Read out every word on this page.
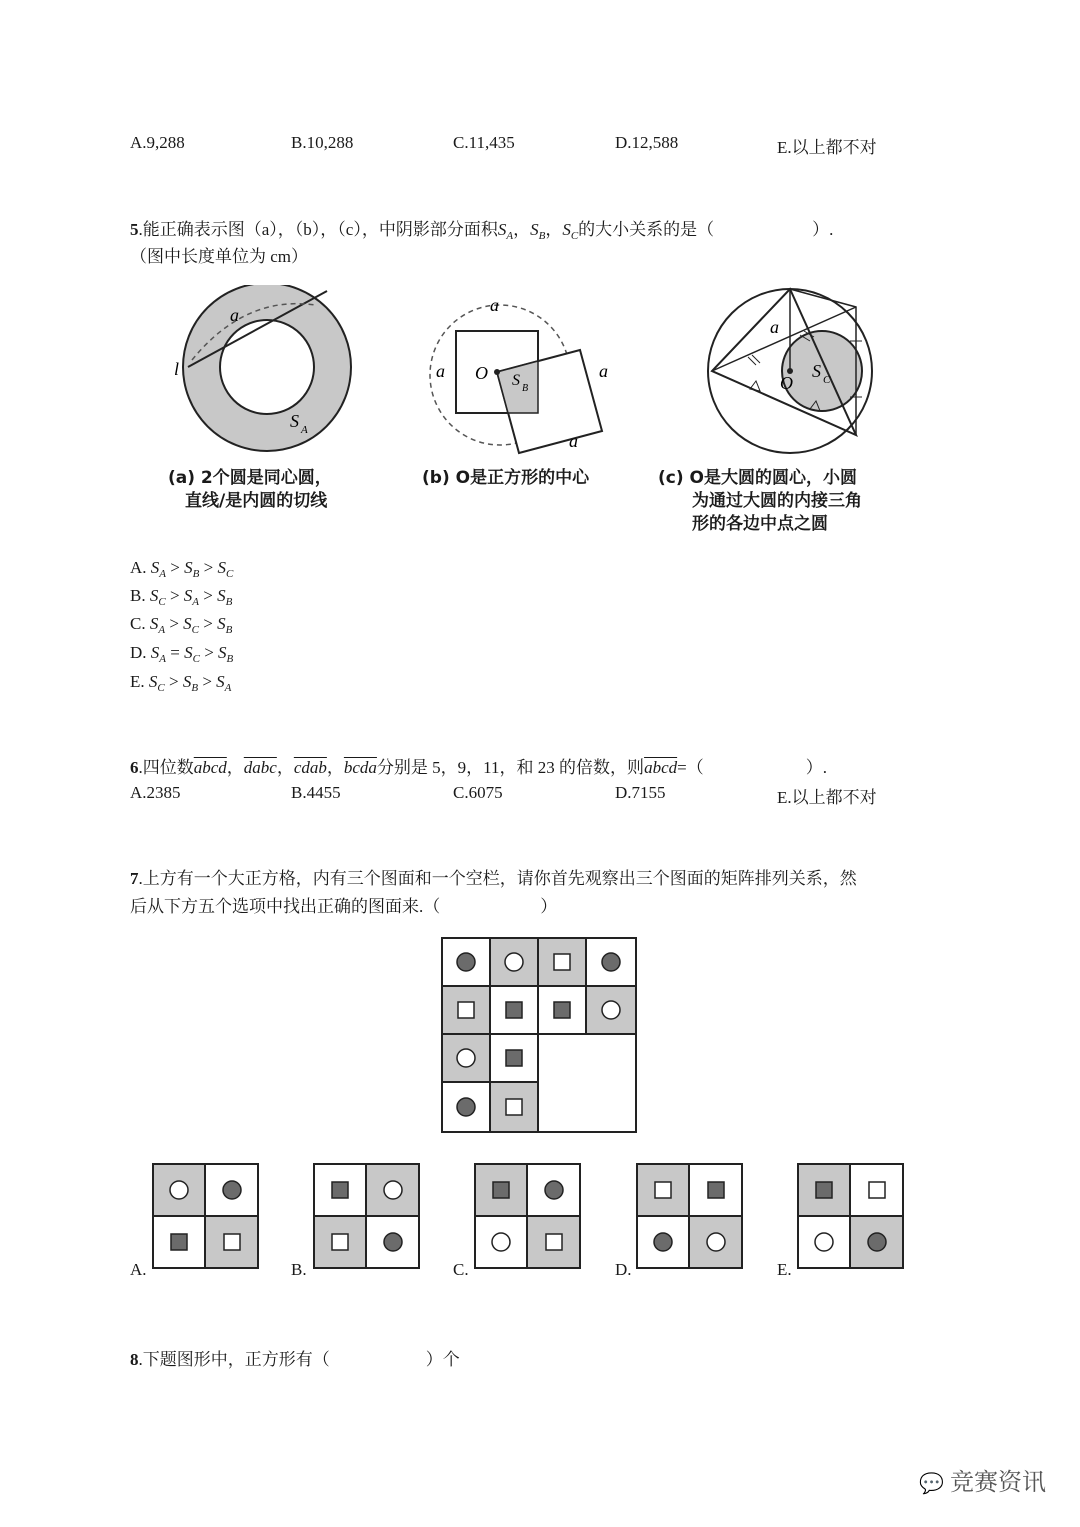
A.9,288	B.10,288	C.11,435	D.12,588	E.以上都不对
5.能正确表示图（a），（b），（c），中阴影部分面积$S_A$，$S_B$，$S_C$的大小关系的是（	）.
（图中长度单位为 cm）
a
l
S A
a
a	a
a
O S B
a
O
S C
(a) 2个圆是同心圆，
直线/是内圆的切线
(b) O是正方形的中心	(c) O是大圆的圆心，小圆
为通过大圆的内接三角
形的各边中点之圆
A. $S_A > S_B > S_C$
B. $S_C > S_A > S_B$
C. $S_A > S_C > S_B$
D. $S_A = S_C > S_B$
E. $S_C > S_B > S_A$
6.四位数abcd，dabc，cdab，bcda分别是 5，9，11，和 23 的倍数，则abcd=（	）.
A.2385	B.4455	C.6075	D.7155	E.以上都不对
7.上方有一个大正方格，内有三个图面和一个空栏，请你首先观察出三个图面的矩阵排列关系，然
后从下方五个选项中找出正确的图面来.（	）
A.	B.	C.	D.	E.
8.下题图形中，正方形有（	）个
💬 竞赛资讯
